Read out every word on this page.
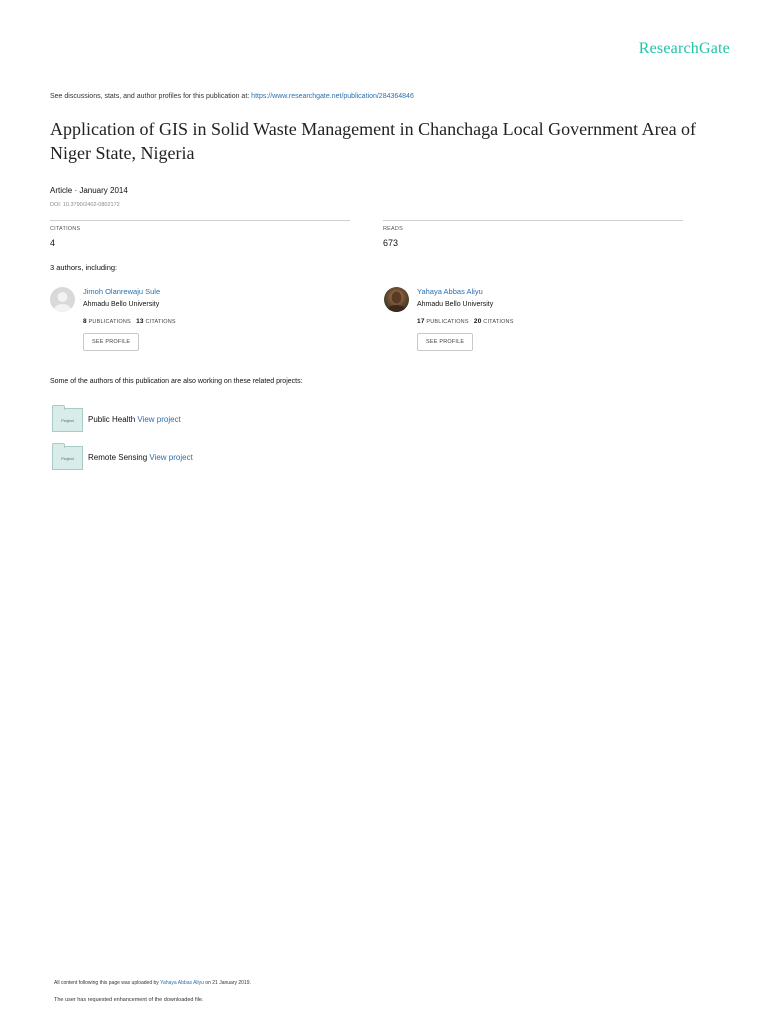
ResearchGate
See discussions, stats, and author profiles for this publication at: https://www.researchgate.net/publication/284364846
Application of GIS in Solid Waste Management in Chanchaga Local Government Area of Niger State, Nigeria
Article · January 2014
DOI: 10.3790/2402-0802172
CITATIONS
4
READS
673
3 authors, including:
Jimoh Olanrewaju Sule
Ahmadu Bello University
8 PUBLICATIONS 13 CITATIONS
SEE PROFILE
Yahaya Abbas Aliyu
Ahmadu Bello University
17 PUBLICATIONS 20 CITATIONS
SEE PROFILE
Some of the authors of this publication are also working on these related projects:
Project	Public Health View project
Project	Remote Sensing View project
All content following this page was uploaded by Yahaya Abbas Aliyu on 21 January 2019.
The user has requested enhancement of the downloaded file.
